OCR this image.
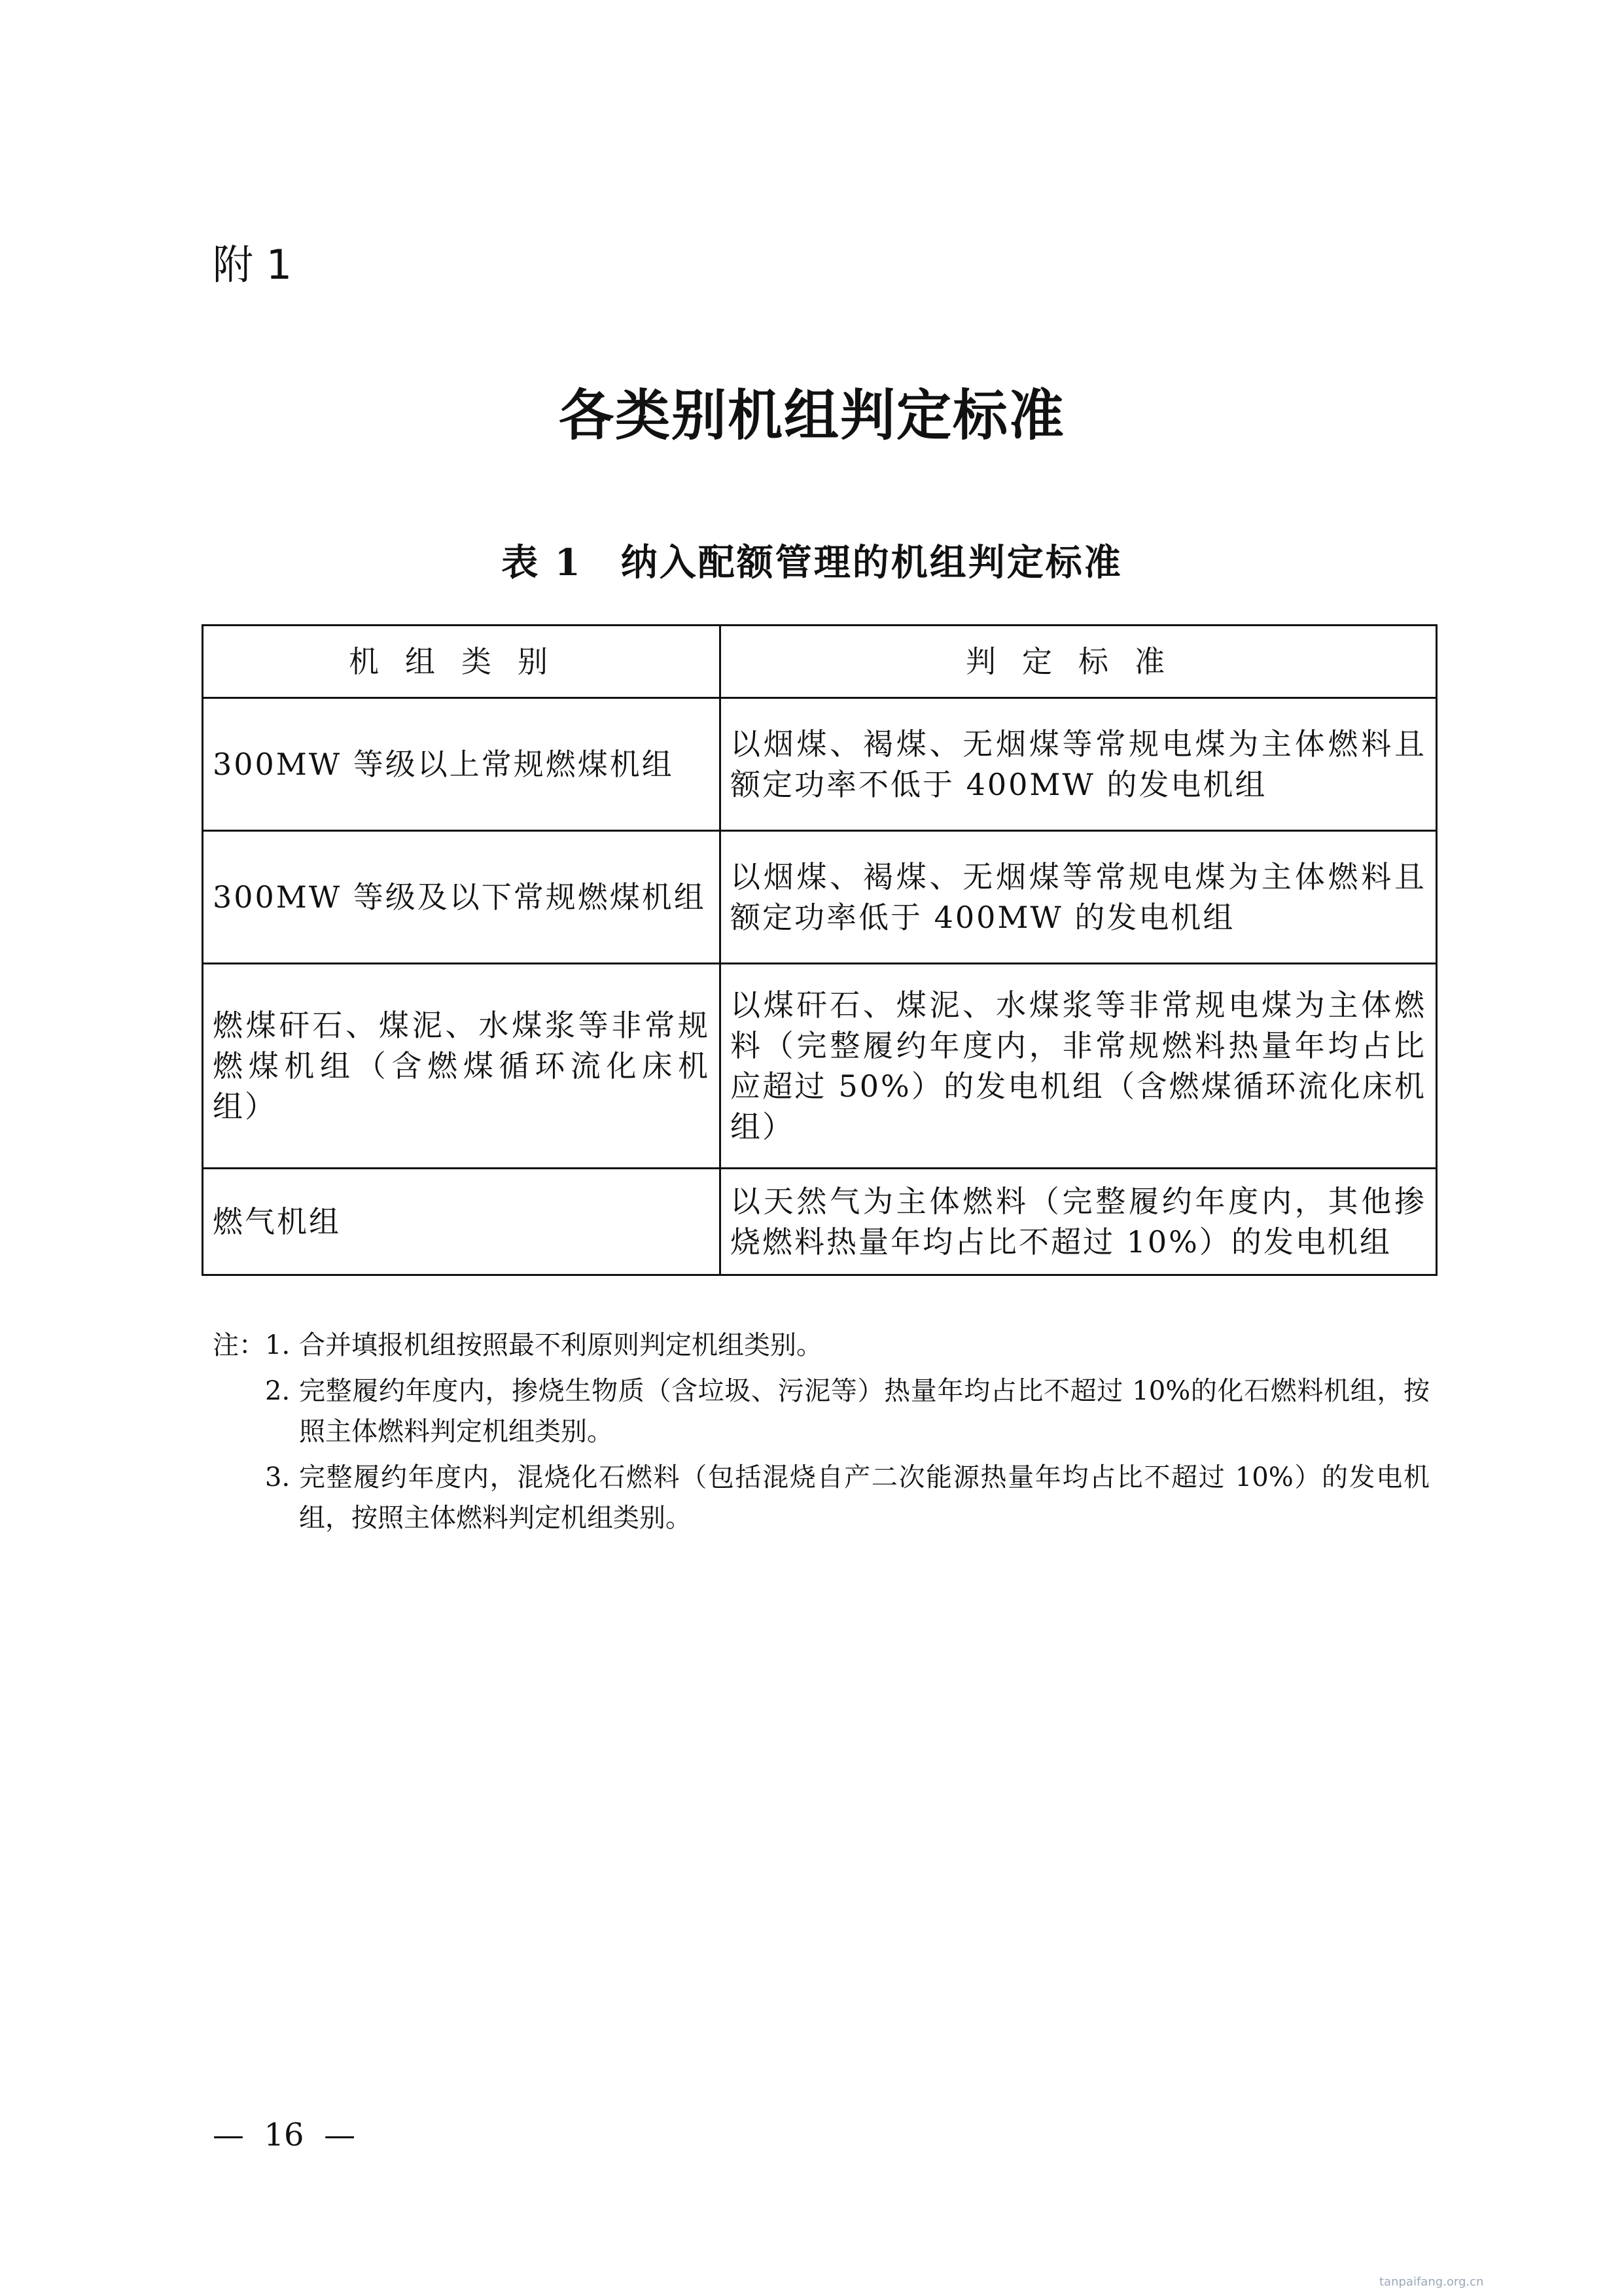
附 1
各类别机组判定标准
表 1　纳入配额管理的机组判定标准
机组类别	判定标准
300MW 等级以上常规燃煤机组	以烟煤、褐煤、无烟煤等常规电煤为主体燃料且额定功率不低于 400MW 的发电机组
300MW 等级及以下常规燃煤机组	以烟煤、褐煤、无烟煤等常规电煤为主体燃料且额定功率低于 400MW 的发电机组
燃煤矸石、煤泥、水煤浆等非常规燃煤机组（含燃煤循环流化床机组）	以煤矸石、煤泥、水煤浆等非常规电煤为主体燃料（完整履约年度内，非常规燃料热量年均占比应超过 50%）的发电机组（含燃煤循环流化床机组）
燃气机组	以天然气为主体燃料（完整履约年度内，其他掺烧燃料热量年均占比不超过 10%）的发电机组
注： 1. 合并填报机组按照最不利原则判定机组类别。
2. 完整履约年度内，掺烧生物质（含垃圾、污泥等）热量年均占比不超过 10%的化石燃料机组，按照主体燃料判定机组类别。
3. 完整履约年度内，混烧化石燃料（包括混烧自产二次能源热量年均占比不超过 10%）的发电机组，按照主体燃料判定机组类别。
—  16  —
tanpaifang.org.cn
